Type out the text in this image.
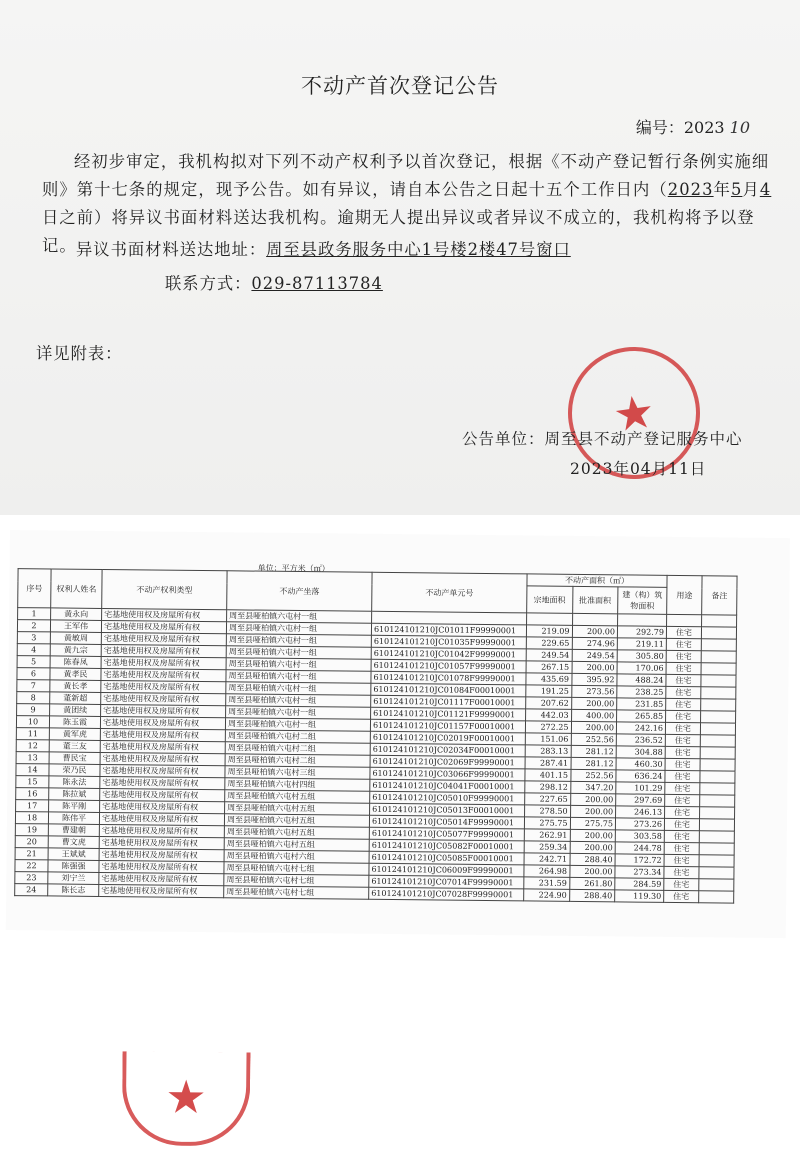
不动产首次登记公告
编号：2023 10
经初步审定，我机构拟对下列不动产权利予以首次登记，根据《不动产登记暂行条例实施细则》第十七条的规定，现予公告。如有异议，请自本公告之日起十五个工作日内（2023年5月4日之前）将异议书面材料送达我机构。逾期无人提出异议或者异议不成立的，我机构将予以登记。 异议书面材料送达地址：周至县政务服务中心1号楼2楼47号窗口
联系方式：029-87113784
详见附表：
★
公告单位：周至县不动产登记服务中心
2023年04月11日
单位：平方米（㎡）
序号	权利人姓名	不动产权利类型	不动产坐落	不动产单元号	不动产面积（㎡）			用途	备注
					宗地面积	批准面积	建（构）筑物面积		
1	黄永向	宅基地使用权及房屋所有权	周至县哑柏镇六屯村一组						
2	王军伟	宅基地使用权及房屋所有权	周至县哑柏镇六屯村一组	610124101210JC01011F99990001	219.09	200.00	292.79	住宅	
3	黄敏周	宅基地使用权及房屋所有权	周至县哑柏镇六屯村一组	610124101210JC01035F99990001	229.65	274.96	219.11	住宅	
4	黄九宗	宅基地使用权及房屋所有权	周至县哑柏镇六屯村一组	610124101210JC01042F99990001	249.54	249.54	305.80	住宅	
5	陈春凤	宅基地使用权及房屋所有权	周至县哑柏镇六屯村一组	610124101210JC01057F99990001	267.15	200.00	170.06	住宅	
6	黄孝民	宅基地使用权及房屋所有权	周至县哑柏镇六屯村一组	610124101210JC01078F99990001	435.69	395.92	488.24	住宅	
7	黄长孝	宅基地使用权及房屋所有权	周至县哑柏镇六屯村一组	610124101210JC01084F00010001	191.25	273.56	238.25	住宅	
8	董新超	宅基地使用权及房屋所有权	周至县哑柏镇六屯村一组	610124101210JC01117F00010001	207.62	200.00	231.85	住宅	
9	黄团续	宅基地使用权及房屋所有权	周至县哑柏镇六屯村一组	610124101210JC01121F99990001	442.03	400.00	265.85	住宅	
10	陈玉霞	宅基地使用权及房屋所有权	周至县哑柏镇六屯村一组	610124101210JC01157F00010001	272.25	200.00	242.16	住宅	
11	黄军虎	宅基地使用权及房屋所有权	周至县哑柏镇六屯村二组	610124101210JC02019F00010001	151.06	252.56	236.52	住宅	
12	董三友	宅基地使用权及房屋所有权	周至县哑柏镇六屯村二组	610124101210JC02034F00010001	283.13	281.12	304.88	住宅	
13	曹民宝	宅基地使用权及房屋所有权	周至县哑柏镇六屯村二组	610124101210JC02069F99990001	287.41	281.12	460.30	住宅	
14	荣乃民	宅基地使用权及房屋所有权	周至县哑柏镇六屯村三组	610124101210JC03066F99990001	401.15	252.56	636.24	住宅	
15	陈永法	宅基地使用权及房屋所有权	周至县哑柏镇六屯村四组	610124101210JC04041F00010001	298.12	347.20	101.29	住宅	
16	陈拉斌	宅基地使用权及房屋所有权	周至县哑柏镇六屯村五组	610124101210JC05010F99990001	227.65	200.00	297.69	住宅	
17	陈平刚	宅基地使用权及房屋所有权	周至县哑柏镇六屯村五组	610124101210JC05013F00010001	278.50	200.00	246.13	住宅	
18	陈伟平	宅基地使用权及房屋所有权	周至县哑柏镇六屯村五组	610124101210JC05014F99990001	275.75	275.75	273.26	住宅	
19	曹建朝	宅基地使用权及房屋所有权	周至县哑柏镇六屯村五组	610124101210JC05077F99990001	262.91	200.00	303.58	住宅	
20	曹文虎	宅基地使用权及房屋所有权	周至县哑柏镇六屯村五组	610124101210JC05082F00010001	259.34	200.00	244.78	住宅	
21	王斌斌	宅基地使用权及房屋所有权	周至县哑柏镇六屯村六组	610124101210JC05085F00010001	242.71	288.40	172.72	住宅	
22	陈强强	宅基地使用权及房屋所有权	周至县哑柏镇六屯村七组	610124101210JC06009F99990001	264.98	200.00	273.34	住宅	
23	刘宁兰	宅基地使用权及房屋所有权	周至县哑柏镇六屯村七组	610124101210JC07014F99990001	231.59	261.80	284.59	住宅	
24	陈长志	宅基地使用权及房屋所有权	周至县哑柏镇六屯村七组	610124101210JC07028F99990001	224.90	288.40	119.30	住宅	
★
